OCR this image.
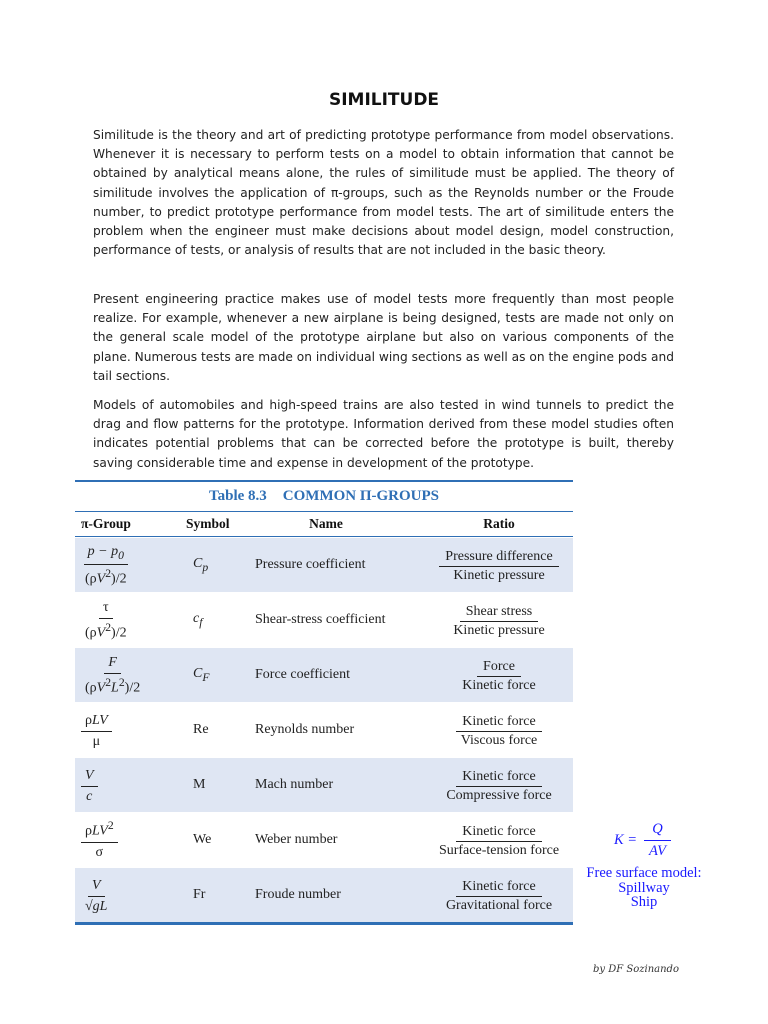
SIMILITUDE

Similitude is the theory and art of predicting prototype performance from model observations. Whenever it is necessary to perform tests on a model to obtain information that cannot be obtained by analytical means alone, the rules of similitude must be applied. The theory of similitude involves the application of π-groups, such as the Reynolds number or the Froude number, to predict prototype performance from model tests. The art of similitude enters the problem when the engineer must make decisions about model design, model construction, performance of tests, or analysis of results that are not included in the basic theory.

Present engineering practice makes use of model tests more frequently than most people realize. For example, whenever a new airplane is being designed, tests are made not only on the general scale model of the prototype airplane but also on various components of the plane. Numerous tests are made on individual wing sections as well as on the engine pods and tail sections.

Models of automobiles and high-speed trains are also tested in wind tunnels to predict the drag and flow patterns for the prototype. Information derived from these model studies often indicates potential problems that can be corrected before the prototype is built, thereby saving considerable time and expense in development of the prototype.

Table 8.3 COMMON Π-GROUPS
π-Group	Symbol	Name	Ratio
$\frac{p - p_0}{(\rho V^2)/2}$	$C_p$	Pressure coefficient	$\frac{\text{Pressure difference}}{\text{Kinetic pressure}}$
$\frac{\tau}{(\rho V^2)/2}$	$c_f$	Shear-stress coefficient	$\frac{\text{Shear stress}}{\text{Kinetic pressure}}$
$\frac{F}{(\rho V^2L^2)/2}$	$C_F$	Force coefficient	$\frac{\text{Force}}{\text{Kinetic force}}$
$\frac{\text{ρLV}}{\mu}$	Re	Reynolds number	$\frac{\text{Kinetic force}}{\text{Viscous force}}$
$\frac{V}{c}$	M	Mach number	$\frac{\text{Kinetic force}}{\text{Compressive force}}$
$\frac{\rho LV^2}{\sigma}$	We	Weber number	$\frac{\text{Kinetic force}}{\text{Surface-tension force}}$
$\frac{V}{√gL}$	Fr	Froude number	$\frac{\text{Kinetic force}}{\text{Gravitational force}}$
$K = \frac{Q}{AV}$
Free surface model:
Spillway
Ship
by DF Sozinando
